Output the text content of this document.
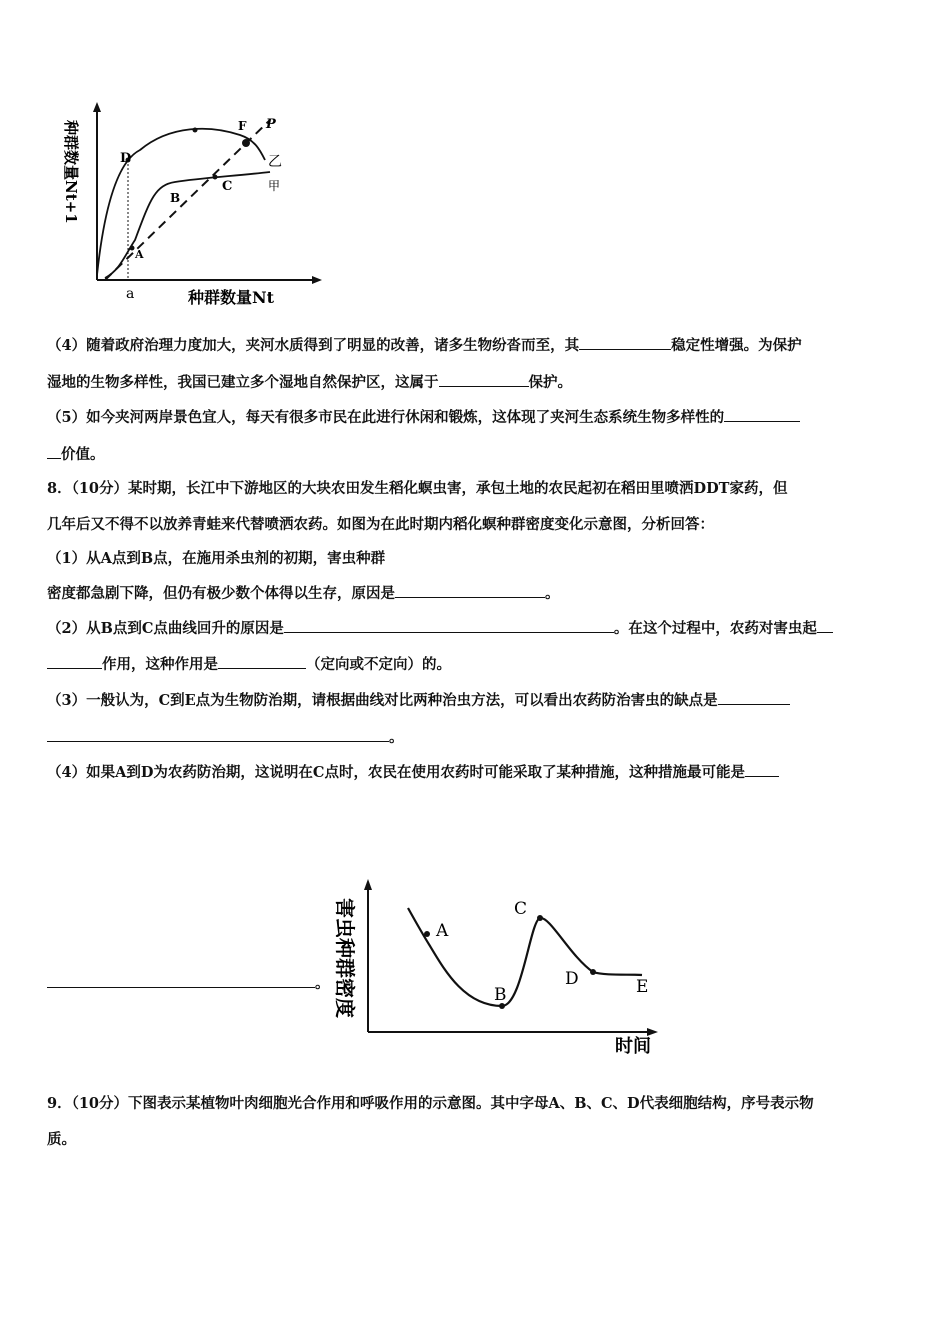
种群数量Nt+1	D
F P
乙
C	甲
B
A
a	种群数量Nt
（4）随着政府治理力度加大，夹河水质得到了明显的改善，诸多生物纷沓而至，其	稳定性增强。为保护
湿地的生物多样性，我国已建立多个湿地自然保护区，这属于	保护。
（5）如今夹河两岸景色宜人，每天有很多市民在此进行休闲和锻炼，这体现了夹河生态系统生物多样性的
价值。
8．（10分）某时期，长江中下游地区的大块农田发生稻化螟虫害，承包土地的农民起初在稻田里喷洒DDT家药，但
几年后又不得不以放养青蛙来代替喷洒农药。如图为在此时期内稻化螟种群密度变化示意图，分析回答：
（1）从A点到B点，在施用杀虫剂的初期，害虫种群
密度都急剧下降，但仍有极少数个体得以生存，原因是	。
（2）从B点到C点曲线回升的原因是	。在这个过程中，农药对害虫起
作用，这种作用是	（定向或不定向）的。
（3）一般认为，C到E点为生物防治期，请根据曲线对比两种治虫方法，可以看出农药防治害虫的缺点是
。
（4）如果A到D为农药防治期，这说明在C点时，农民在使用农药时可能采取了某种措施，这种措施最可能是
。 害虫种群密度	A
B
C
D	E
时间
9．（10分）下图表示某植物叶肉细胞光合作用和呼吸作用的示意图。其中字母A、B、C、D代表细胞结构，序号表示物
质。
